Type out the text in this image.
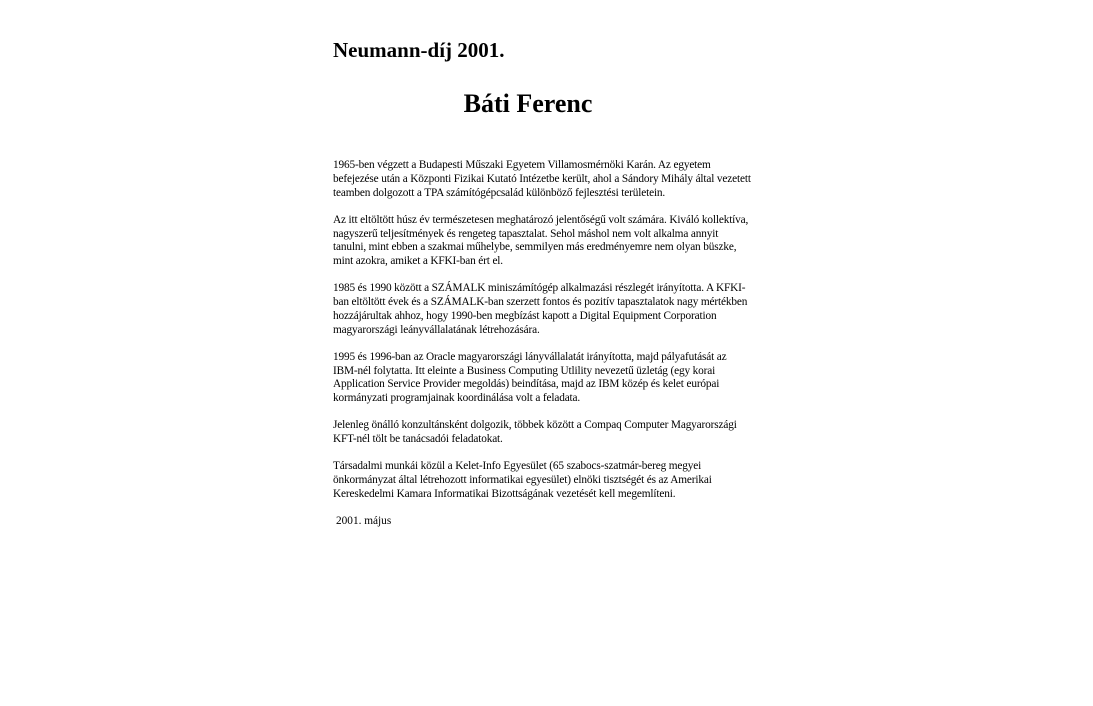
Neumann-díj 2001.
Báti Ferenc

1965-ben végzett a Budapesti Műszaki Egyetem Villamosmérnöki Karán. Az egyetem befejezése után a Központi Fizikai Kutató Intézetbe került, ahol a Sándory Mihály által vezetett teamben dolgozott a TPA számítógépcsalád különböző fejlesztési területein.

Az itt eltöltött húsz év természetesen meghatározó jelentőségű volt számára. Kiváló kollektíva, nagyszerű teljesítmények és rengeteg tapasztalat. Sehol máshol nem volt alkalma annyit tanulni, mint ebben a szakmai műhelybe, semmilyen más eredményemre nem olyan büszke, mint azokra, amiket a KFKI-ban ért el.

1985 és 1990 között a SZÁMALK miniszámítógép alkalmazási részlegét irányította. A KFKI-ban eltöltött évek és a SZÁMALK-ban szerzett fontos és pozitív tapasztalatok nagy mértékben hozzájárultak ahhoz, hogy 1990-ben megbízást kapott a Digital Equipment Corporation magyarországi leányvállalatának létrehozására.

1995 és 1996-ban az Oracle magyarországi lányvállalatát irányította, majd pályafutását az IBM-nél folytatta. Itt eleinte a Business Computing Utlility nevezetű üzletág (egy korai Application Service Provider megoldás) beindítása, majd az IBM közép és kelet európai kormányzati programjainak koordinálása volt a feladata.

Jelenleg önálló konzultánsként dolgozik, többek között a Compaq Computer Magyarországi KFT-nél tölt be tanácsadói feladatokat.

Társadalmi munkái közül a Kelet-Info Egyesület (65 szabocs-szatmár-bereg megyei önkormányzat által létrehozott informatikai egyesület) elnöki tisztségét és az Amerikai Kereskedelmi Kamara Informatikai Bizottságának vezetését kell megemlíteni.

2001. május
